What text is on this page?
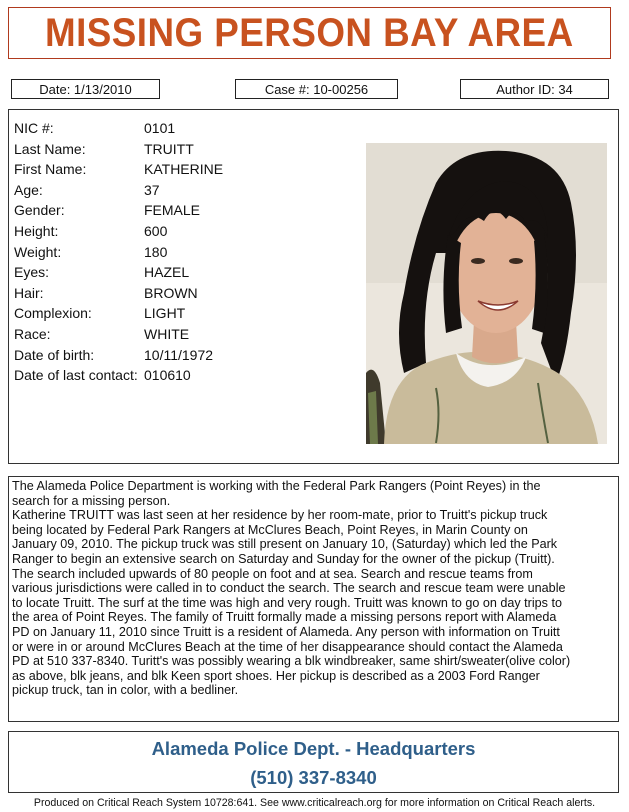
MISSING PERSON BAY AREA
Date: 1/13/2010	Case #: 10-00256	Author ID: 34
NIC #:	0101
Last Name:	TRUITT
First Name:	KATHERINE
Age:	37
Gender:	FEMALE
Height:	600
Weight:	180
Eyes:	HAZEL
Hair:	BROWN
Complexion:	LIGHT
Race:	WHITE
Date of birth:	10/11/1972
Date of last contact: 010610

The Alameda Police Department is working with the Federal Park Rangers (Point Reyes) in the

search for a missing person.

Katherine TRUITT was last seen at her residence by her room-mate, prior to Truitt's pickup truck

being located by Federal Park Rangers at McClures Beach, Point Reyes, in Marin County on

January 09, 2010. The pickup truck was still present on January 10, (Saturday) which led the Park

Ranger to begin an extensive search on Saturday and Sunday for the owner of the pickup (Truitt).

The search included upwards of 80 people on foot and at sea. Search and rescue teams from

various jurisdictions were called in to conduct the search. The search and rescue team were unable

to locate Truitt. The surf at the time was high and very rough. Truitt was known to go on day trips to

the area of Point Reyes. The family of Truitt formally made a missing persons report with Alameda

PD on January 11, 2010 since Truitt is a resident of Alameda. Any person with information on Truitt

or were in or around McClures Beach at the time of her disappearance should contact the Alameda

PD at 510 337-8340. Turitt's was possibly wearing a blk windbreaker, same shirt/sweater(olive color)

as above, blk jeans, and blk Keen sport shoes. Her pickup is described as a 2003 Ford Ranger

pickup truck, tan in color, with a bedliner.

Alameda Police Dept. - Headquarters
(510) 337-8340
Produced on Critical Reach System 10728:641. See www.criticalreach.org for more information on Critical Reach alerts.
